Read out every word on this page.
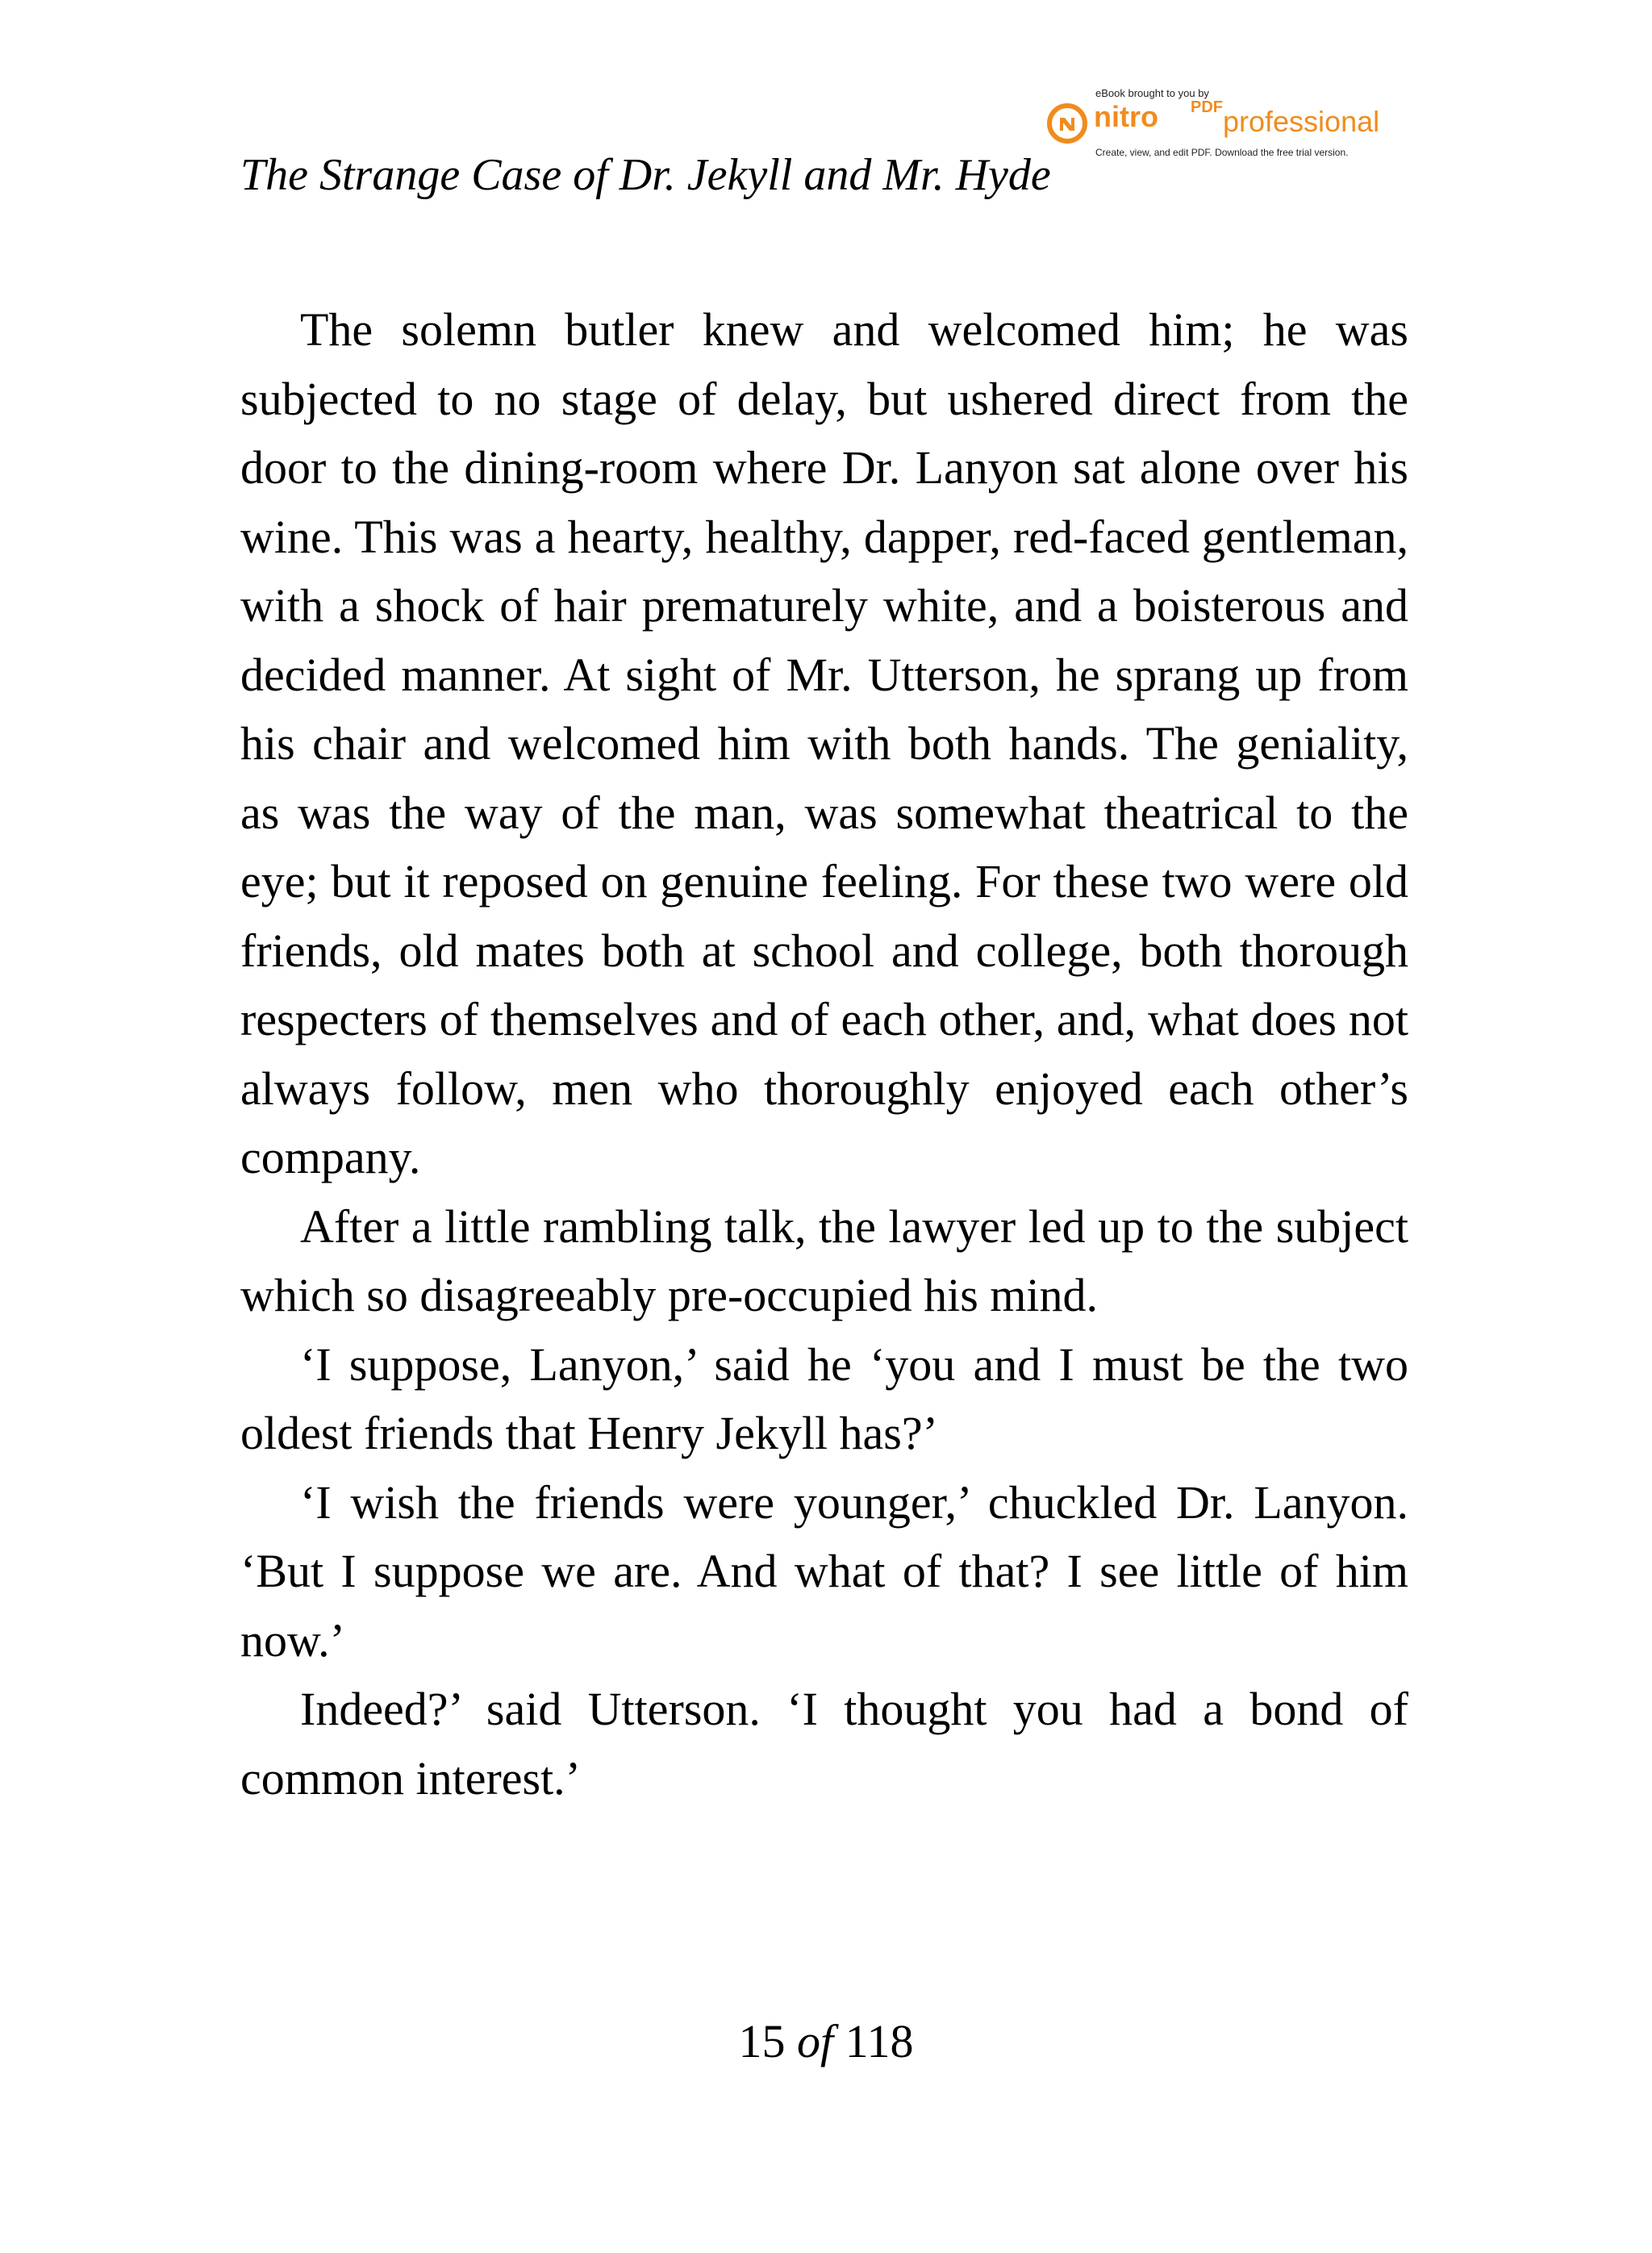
The Strange Case of Dr. Jekyll and Mr. Hyde
eBook brought to you by
nitro PDF professional
Create, view, and edit PDF. Download the free trial version.

The solemn butler knew and welcomed him; he was subjected to no stage of delay, but ushered direct from the door to the dining-room where Dr. Lanyon sat alone over his wine. This was a hearty, healthy, dapper, red-faced gentleman, with a shock of hair prematurely white, and a boisterous and decided manner. At sight of Mr. Utterson, he sprang up from his chair and welcomed him with both hands. The geniality, as was the way of the man, was somewhat theatrical to the eye; but it reposed on genuine feeling. For these two were old friends, old mates both at school and college, both thorough respecters of themselves and of each other, and, what does not always follow, men who thoroughly enjoyed each other’s company.

After a little rambling talk, the lawyer led up to the subject which so disagreeably pre-occupied his mind.

‘I suppose, Lanyon,’ said he ‘you and I must be the two oldest friends that Henry Jekyll has?’

‘I wish the friends were younger,’ chuckled Dr. Lanyon. ‘But I suppose we are. And what of that? I see little of him now.’

Indeed?’ said Utterson. ‘I thought you had a bond of common interest.’

15 of 118
